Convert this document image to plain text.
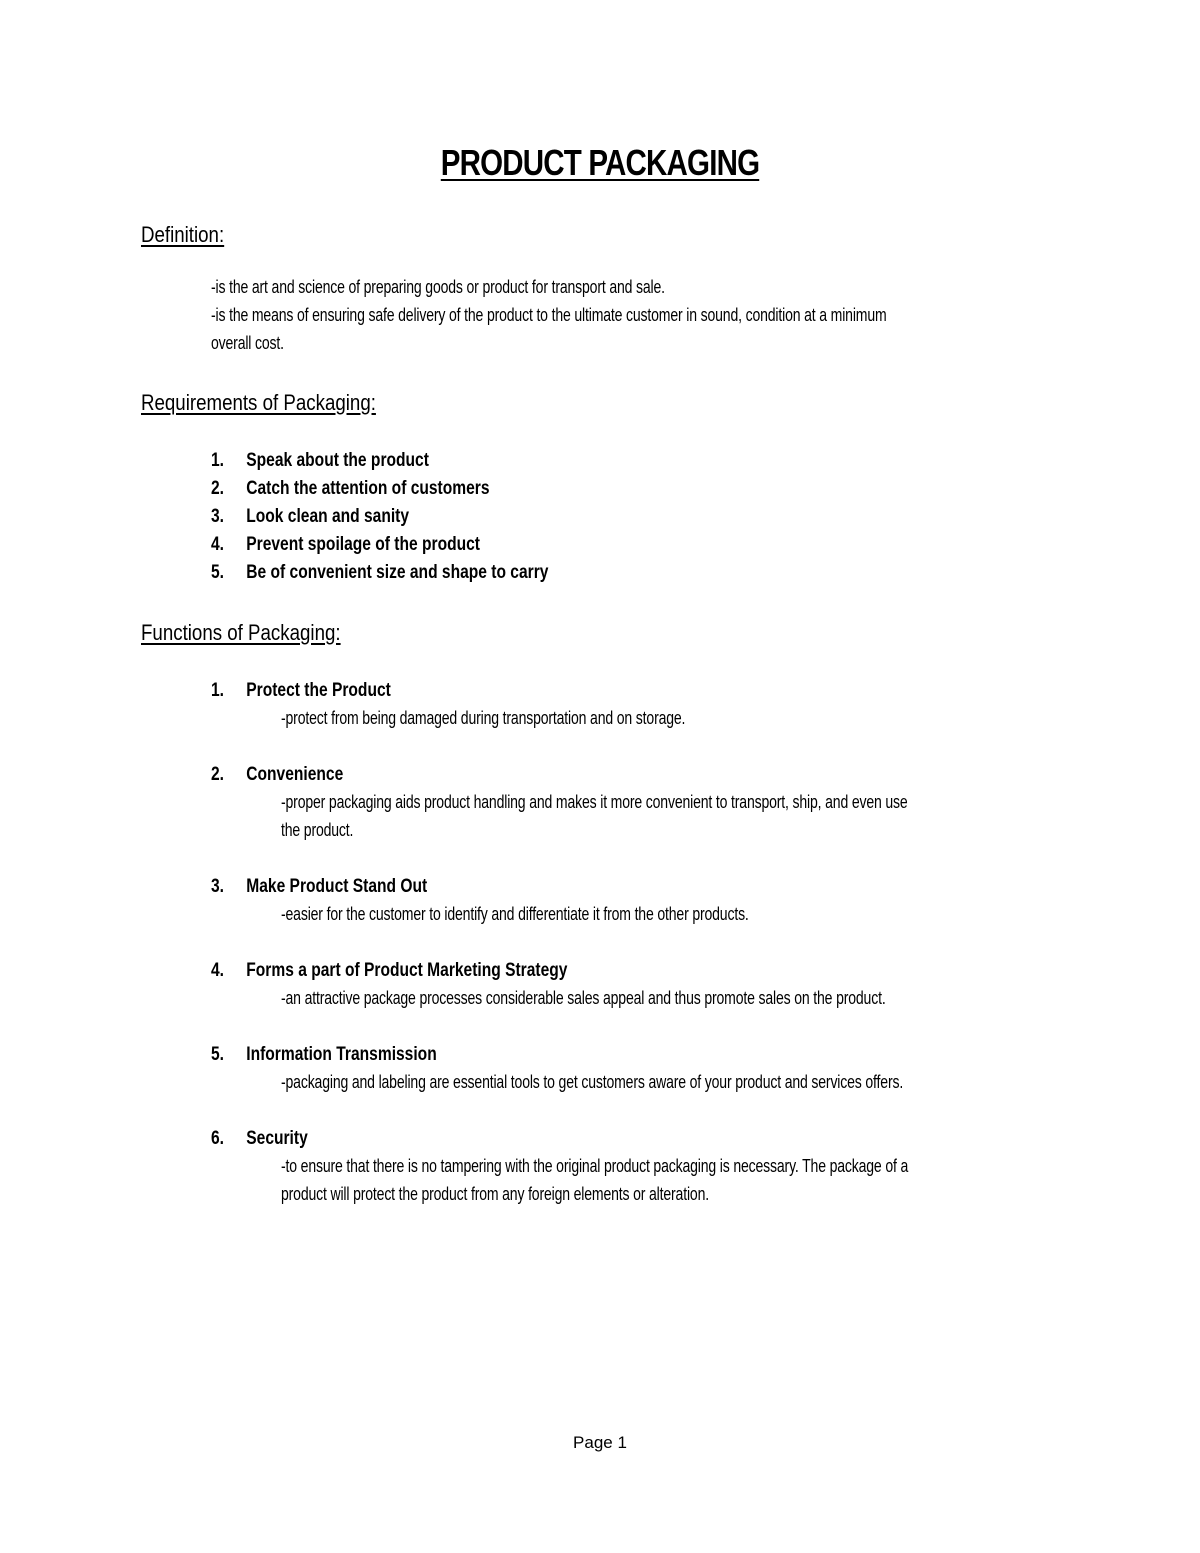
PRODUCT PACKAGING
Definition:
-is the art and science of preparing goods or product for transport and sale.
-is the means of ensuring safe delivery of the product to the ultimate customer in sound, condition at a minimum
overall cost.
Requirements of Packaging:
1. Speak about the product
2. Catch the attention of customers
3. Look clean and sanity
4. Prevent spoilage of the product
5. Be of convenient size and shape to carry
Functions of Packaging:
1. Protect the Product
-protect from being damaged during transportation and on storage.
2. Convenience
-proper packaging aids product handling and makes it more convenient to transport, ship, and even use
the product.
3. Make Product Stand Out
-easier for the customer to identify and differentiate it from the other products.
4. Forms a part of Product Marketing Strategy
-an attractive package processes considerable sales appeal and thus promote sales on the product.
5. Information Transmission
-packaging and labeling are essential tools to get customers aware of your product and services offers.
6. Security
-to ensure that there is no tampering with the original product packaging is necessary. The package of a
product will protect the product from any foreign elements or alteration.
Page 1
